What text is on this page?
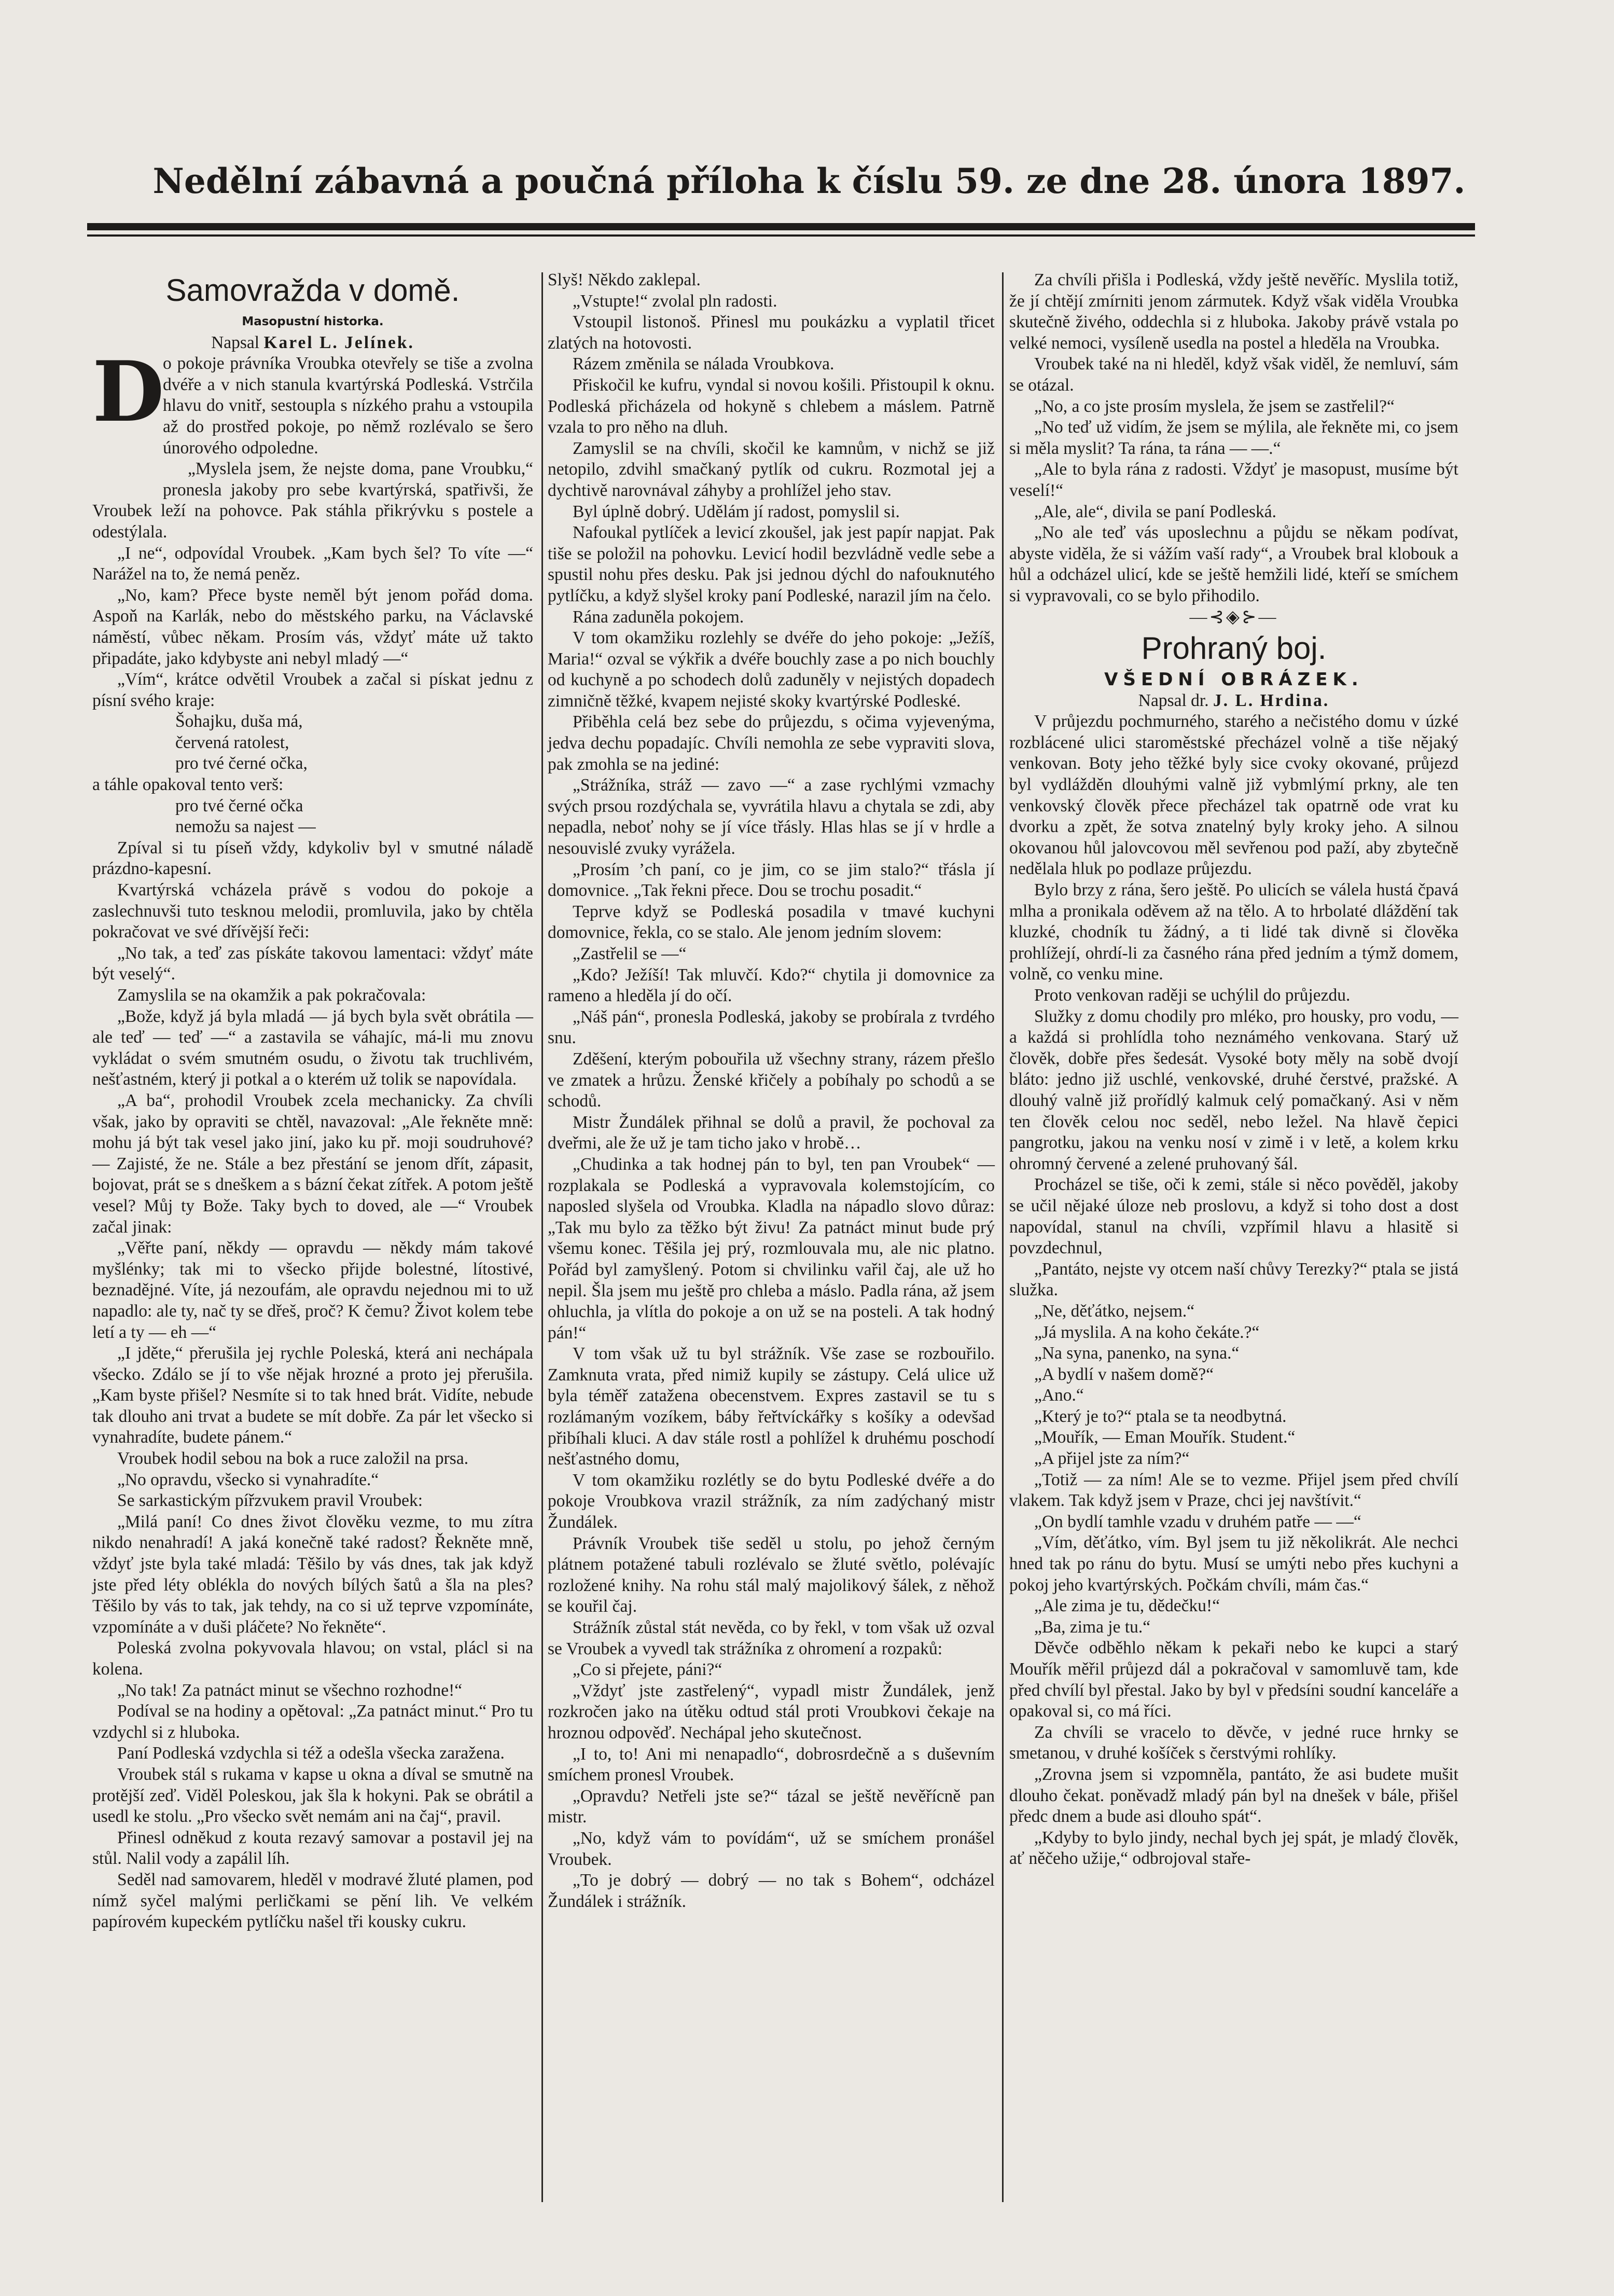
Nedělní zábavná a poučná příloha k číslu 59. ze dne 28. února 1897.

Samovražda v domě.

Masopustní historka.

Napsal Karel L. Jelínek.

D
o pokoje právníka Vroubka otevřely se tiše a zvolna dvéře a v nich stanula kvartýrská Podleská. Vstrčila hlavu do vnitř, sestoupla s nízkého prahu a vstoupila až do prostřed pokoje, po němž rozlévalo se šero únorového odpoledne.

„Myslela jsem, že nejste doma, pane Vroubku,“ pronesla jakoby pro sebe kvartýrská, spatřivši, že Vroubek leží na pohovce. Pak stáhla přikrývku s postele a odestýlala.

„I ne“, odpovídal Vroubek. „Kam bych šel? To víte —“ Narážel na to, že nemá peněz.

„No, kam? Přece byste neměl být jenom pořád doma. Aspoň na Karlák, nebo do městského parku, na Václavské náměstí, vůbec někam. Prosím vás, vždyť máte už takto připadáte, jako kdybyste ani nebyl mladý —“

„Vím“, krátce odvětil Vroubek a začal si pískat jednu z písní svého kraje:

Šohajku, duša má,

červená ratolest,

pro tvé černé očka,

a táhle opakoval tento verš:

pro tvé černé očka

nemožu sa najest —

Zpíval si tu píseň vždy, kdykoliv byl v smutné náladě prázdno-kapesní.

Kvartýrská vcházela právě s vodou do pokoje a zaslechnuvši tuto tesknou melodii, promluvila, jako by chtěla pokračovat ve své dřívější řeči:

„No tak, a teď zas pískáte takovou lamentaci: vždyť máte být veselý“.

Zamyslila se na okamžik a pak pokračovala:

„Bože, když já byla mladá — já bych byla svět obrátila — ale teď — teď —“ a zastavila se váhajíc, má-li mu znovu vykládat o svém smutném osudu, o životu tak truchlivém, nešťastném, který ji potkal a o kterém už tolik se napovídala.

„A ba“, prohodil Vroubek zcela mechanicky. Za chvíli však, jako by opraviti se chtěl, navazoval: „Ale řekněte mně: mohu já být tak vesel jako jiní, jako ku př. moji soudruhové? — Zajisté, že ne. Stále a bez přestání se jenom dřít, zápasit, bojovat, prát se s dneškem a s bázní čekat zítřek. A potom ještě vesel? Můj ty Bože. Taky bych to doved, ale —“ Vroubek začal jinak:

„Věřte paní, někdy — opravdu — někdy mám takové myšlénky; tak mi to všecko přijde bolestné, lítostivé, beznadějné. Víte, já nezoufám, ale opravdu nejednou mi to už napadlo: ale ty, nač ty se dřeš, proč? K čemu? Život kolem tebe letí a ty — eh —“

„I jděte,“ přerušila jej rychle Poleská, která ani nechápala všecko. Zdálo se jí to vše nějak hrozné a proto jej přerušila. „Kam byste přišel? Nesmíte si to tak hned brát. Vidíte, nebude tak dlouho ani trvat a budete se mít dobře. Za pár let všecko si vynahradíte, budete pánem.“

Vroubek hodil sebou na bok a ruce založil na prsa.

„No opravdu, všecko si vynahradíte.“

Se sarkastickým pířzvukem pravil Vroubek:

„Milá paní! Co dnes život člověku vezme, to mu zítra nikdo nenahradí! A jaká konečně také radost? Řekněte mně, vždyť jste byla také mladá: Těšilo by vás dnes, tak jak když jste před léty oblékla do nových bílých šatů a šla na ples? Těšilo by vás to tak, jak tehdy, na co si už teprve vzpomínáte, vzpomínáte a v duši pláčete? No řekněte“.

Poleská zvolna pokyvovala hlavou; on vstal, plácl si na kolena.

„No tak! Za patnáct minut se všechno rozhodne!“

Podíval se na hodiny a opětoval: „Za patnáct minut.“ Pro tu vzdychl si z hluboka.

Paní Podleská vzdychla si též a odešla všecka zaražena.

Vroubek stál s rukama v kapse u okna a díval se smutně na protější zeď. Viděl Poleskou, jak šla k hokyni. Pak se obrátil a usedl ke stolu. „Pro všecko svět nemám ani na čaj“, pravil.

Přinesl odněkud z kouta rezavý samovar a postavil jej na stůl. Nalil vody a zapálil líh.

Seděl nad samovarem, hleděl v modravé žluté plamen, pod nímž syčel malými perličkami se pění lih. Ve velkém papírovém kupeckém pytlíčku našel tři kousky cukru.

Slyš! Někdo zaklepal.

„Vstupte!“ zvolal pln radosti.

Vstoupil listonoš. Přinesl mu poukázku a vyplatil třicet zlatých na hotovosti.

Rázem změnila se nálada Vroubkova.

Přiskočil ke kufru, vyndal si novou košili. Přistoupil k oknu. Podleská přicházela od hokyně s chlebem a máslem. Patrně vzala to pro něho na dluh.

Zamyslil se na chvíli, skočil ke kamnům, v nichž se již netopilo, zdvihl smačkaný pytlík od cukru. Rozmotal jej a dychtivě narovnával záhyby a prohlížel jeho stav.

Byl úplně dobrý. Udělám jí radost, pomyslil si.

Nafoukal pytlíček a levicí zkoušel, jak jest papír napjat. Pak tiše se položil na pohovku. Levicí hodil bezvládně vedle sebe a spustil nohu přes desku. Pak jsi jednou dýchl do nafouknutého pytlíčku, a když slyšel kroky paní Podleské, narazil jím na čelo.

Rána zaduněla pokojem.

V tom okamžiku rozlehly se dvéře do jeho pokoje: „Ježíš, Maria!“ ozval se výkřik a dvéře bouchly zase a po nich bouchly od kuchyně a po schodech dolů zaduněly v nejistých dopadech zimničně těžké, kvapem nejisté skoky kvartýrské Podleské.

Přiběhla celá bez sebe do průjezdu, s očima vyjevenýma, jedva dechu popadajíc. Chvíli nemohla ze sebe vypraviti slova, pak zmohla se na jediné:

„Strážníka, stráž — zavo —“ a zase rychlými vzmachy svých prsou rozdýchala se, vyvrátila hlavu a chytala se zdi, aby nepadla, neboť nohy se jí více třásly. Hlas hlas se jí v hrdle a nesouvislé zvuky vyrážela.

„Prosím ’ch paní, co je jim, co se jim stalo?“ třásla jí domovnice. „Tak řekni přece. Dou se trochu posadit.“

Teprve když se Podleská posadila v tmavé kuchyni domovnice, řekla, co se stalo. Ale jenom jedním slovem:

„Zastřelil se —“

„Kdo? Ježíší! Tak mluvčí. Kdo?“ chytila ji domovnice za rameno a hleděla jí do očí.

„Náš pán“, pronesla Podleská, jakoby se probírala z tvrdého snu.

Zděšení, kterým pobouřila už všechny strany, rázem přešlo ve zmatek a hrůzu. Ženské křičely a pobíhaly po schodů a se schodů.

Mistr Žundálek přihnal se dolů a pravil, že pochoval za dveřmi, ale že už je tam ticho jako v hrobě…

„Chudinka a tak hodnej pán to byl, ten pan Vroubek“ — rozplakala se Podleská a vypravovala kolemstojícím, co naposled slyšela od Vroubka. Kladla na nápadlo slovo důraz: „Tak mu bylo za těžko být živu! Za patnáct minut bude prý všemu konec. Těšila jej prý, rozmlouvala mu, ale nic platno. Pořád byl zamyšlený. Potom si chvilinku vařil čaj, ale už ho nepil. Šla jsem mu ještě pro chleba a máslo. Padla rána, až jsem ohluchla, ja vlítla do pokoje a on už se na posteli. A tak hodný pán!“

V tom však už tu byl strážník. Vše zase se rozbouřilo. Zamknuta vrata, před nimiž kupily se zástupy. Celá ulice už byla téměř zatažena obecenstvem. Expres zastavil se tu s rozlámaným vozíkem, báby řeřtvíckářky s košíky a odevšad přibíhali kluci. A dav stále rostl a pohlížel k druhému poschodí nešťastného domu,

V tom okamžiku rozlétly se do bytu Podleské dvéře a do pokoje Vroubkova vrazil strážník, za ním zadýchaný mistr Žundálek.

Právník Vroubek tiše seděl u stolu, po jehož černým plátnem potažené tabuli rozlévalo se žluté světlo, polévajíc rozložené knihy. Na rohu stál malý majolikový šálek, z něhož se kouřil čaj.

Strážník zůstal stát nevěda, co by řekl, v tom však už ozval se Vroubek a vyvedl tak strážníka z ohromení a rozpaků:

„Co si přejete, páni?“

„Vždyť jste zastřelený“, vypadl mistr Žundálek, jenž rozkročen jako na útěku odtud stál proti Vroubkovi čekaje na hroznou odpověď. Nechápal jeho skutečnost.

„I to, to! Ani mi nenapadlo“, dobrosrdečně a s duševním smíchem pronesl Vroubek.

„Opravdu? Netřeli jste se?“ tázal se ještě nevěřícně pan mistr.

„No, když vám to povídám“, už se smíchem pronášel Vroubek.

„To je dobrý — dobrý — no tak s Bohem“, odcházel Žundálek i strážník.

Za chvíli přišla i Podleská, vždy ještě nevěříc. Myslila totiž, že jí chtějí zmírniti jenom zármutek. Když však viděla Vroubka skutečně živého, oddechla si z hluboka. Jakoby právě vstala po velké nemoci, vysíleně usedla na postel a hleděla na Vroubka.

Vroubek také na ni hleděl, když však viděl, že nemluví, sám se otázal.

„No, a co jste prosím myslela, že jsem se zastřelil?“

„No teď už vidím, že jsem se mýlila, ale řekněte mi, co jsem si měla myslit? Ta rána, ta rána — —.“

„Ale to byla rána z radosti. Vždyť je masopust, musíme být veselí!“

„Ale, ale“, divila se paní Podleská.

„No ale teď vás uposlechnu a půjdu se někam podívat, abyste viděla, že si vážím vaší rady“, a Vroubek bral klobouk a hůl a odcházel ulicí, kde se ještě hemžili lidé, kteří se smíchem si vypravovali, co se bylo přihodilo.

—⊰◈⊱—

Prohraný boj.

VŠEDNÍ OBRÁZEK.

Napsal dr. J. L. Hrdina.

V průjezdu pochmurného, starého a nečistého domu v úzké rozblácené ulici staroměstské přecházel volně a tiše nějaký venkovan. Boty jeho těžké byly sice cvoky okované, průjezd byl vydlážděn dlouhými valně již vybmlýmí prkny, ale ten venkovský člověk přece přecházel tak opatrně ode vrat ku dvorku a zpět, že sotva znatelný byly kroky jeho. A silnou okovanou hůl jalovcovou měl sevřenou pod paží, aby zbytečně nedělala hluk po podlaze průjezdu.

Bylo brzy z rána, šero ještě. Po ulicích se válela hustá čpavá mlha a pronikala oděvem až na tělo. A to hrbolaté dláždění tak kluzké, chodník tu žádný, a ti lidé tak divně si člověka prohlížejí, ohrdí-li za časného rána před jedním a týmž domem, volně, co venku mine.

Proto venkovan raději se uchýlil do průjezdu.

Služky z domu chodily pro mléko, pro housky, pro vodu, — a každá si prohlídla toho neznámého venkovana. Starý už člověk, dobře přes šedesát. Vysoké boty měly na sobě dvojí bláto: jedno již uschlé, venkovské, druhé čerstvé, pražské. A dlouhý valně již prořídlý kalmuk celý pomačkaný. Asi v něm ten člověk celou noc seděl, nebo ležel. Na hlavě čepici pangrotku, jakou na venku nosí v zimě i v letě, a kolem krku ohromný červené a zelené pruhovaný šál.

Procházel se tiše, oči k zemi, stále si něco pověděl, jakoby se učil nějaké úloze neb proslovu, a když si toho dost a dost napovídal, stanul na chvíli, vzpřímil hlavu a hlasitě si povzdechnul,

„Pantáto, nejste vy otcem naší chůvy Terezky?“ ptala se jistá služka.

„Ne, děťátko, nejsem.“

„Já myslila. A na koho čekáte.?“

„Na syna, panenko, na syna.“

„A bydlí v našem domě?“

„Ano.“

„Který je to?“ ptala se ta neodbytná.

„Mouřík, — Eman Mouřík. Student.“

„A přijel jste za ním?“

„Totiž — za ním! Ale se to vezme. Přijel jsem před chvílí vlakem. Tak když jsem v Praze, chci jej navštívit.“

„On bydlí tamhle vzadu v druhém patře — —“

„Vím, děťátko, vím. Byl jsem tu již několikrát. Ale nechci hned tak po ránu do bytu. Musí se umýti nebo přes kuchyni a pokoj jeho kvartýrských. Počkám chvíli, mám čas.“

„Ale zima je tu, dědečku!“

„Ba, zima je tu.“

Děvče odběhlo někam k pekaři nebo ke kupci a starý Mouřík měřil průjezd dál a pokračoval v samomluvě tam, kde před chvílí byl přestal. Jako by byl v předsíni soudní kanceláře a opakoval si, co má říci.

Za chvíli se vracelo to děvče, v jedné ruce hrnky se smetanou, v druhé košíček s čerstvými rohlíky.

„Zrovna jsem si vzpomněla, pantáto, že asi budete mušit dlouho čekat. poněvadž mladý pán byl na dnešek v bále, přišel předc dnem a bude asi dlouho spát“.

„Kdyby to bylo jindy, nechal bych jej spát, je mladý člověk, ať něčeho užije,“ odbrojoval staře-
